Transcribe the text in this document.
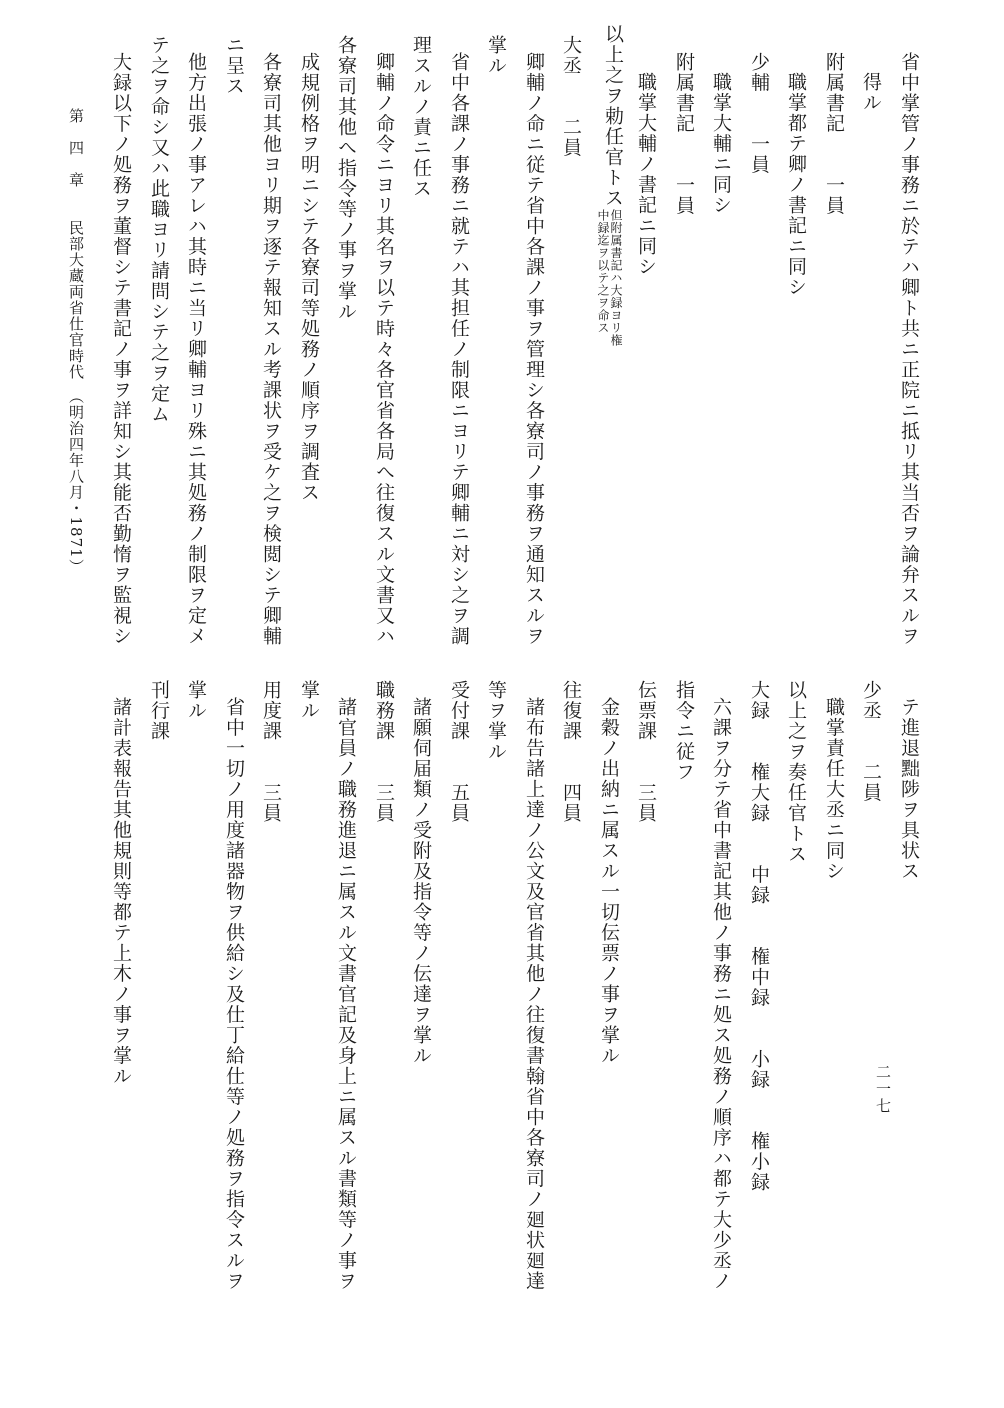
省中掌管ノ事務ニ於テハ卿ト共ニ正院ニ抵リ其当否ヲ論弁スルヲ
得ル
附属書記　　一員
職掌都テ卿ノ書記ニ同シ
少輔　　一員
職掌大輔ニ同シ
附属書記　　一員
職掌大輔ノ書記ニ同シ
以上之ヲ勅任官トス
但附属書記ハ大録ヨリ権
中録迄ヲ以テ之ヲ命ス
大丞　　二員
卿輔ノ命ニ従テ省中各課ノ事ヲ管理シ各寮司ノ事務ヲ通知スルヲ
掌ル
省中各課ノ事務ニ就テハ其担任ノ制限ニヨリテ卿輔ニ対シ之ヲ調
理スルノ責ニ任ス
卿輔ノ命令ニヨリ其名ヲ以テ時々各官省各局へ往復スル文書又ハ
各寮司其他へ指令等ノ事ヲ掌ル
成規例格ヲ明ニシテ各寮司等処務ノ順序ヲ調査ス
各寮司其他ヨリ期ヲ逐テ報知スル考課状ヲ受ケ之ヲ検閲シテ卿輔
ニ呈ス
他方出張ノ事アレハ其時ニ当リ卿輔ヨリ殊ニ其処務ノ制限ヲ定メ
テ之ヲ命シ又ハ此職ヨリ請問シテ之ヲ定ム
大録以下ノ処務ヲ董督シテ書記ノ事ヲ詳知シ其能否勤惰ヲ監視シ
テ進退黜陟ヲ具状ス
少丞　　二員
職掌責任大丞ニ同シ
以上之ヲ奏任官トス
大録　　権大録　　中録　　権中録　　小録　　権小録
六課ヲ分テ省中書記其他ノ事務ニ処ス処務ノ順序ハ都テ大少丞ノ
指令ニ従フ
伝票課　　三員
金穀ノ出納ニ属スル一切伝票ノ事ヲ掌ル
往復課　　四員
諸布告諸上達ノ公文及官省其他ノ往復書翰省中各寮司ノ廻状廻達
等ヲ掌ル
受付課　　五員
諸願伺届類ノ受附及指令等ノ伝達ヲ掌ル
職務課　　三員
諸官員ノ職務進退ニ属スル文書官記及身上ニ属スル書類等ノ事ヲ
掌ル
用度課　　三員
省中一切ノ用度諸器物ヲ供給シ及仕丁給仕等ノ処務ヲ指令スルヲ
掌ル
刊行課
諸計表報告其他規則等都テ上木ノ事ヲ掌ル
第　四　章　　民部大蔵両省仕官時代　（明治四年八月・1871）
二一七
